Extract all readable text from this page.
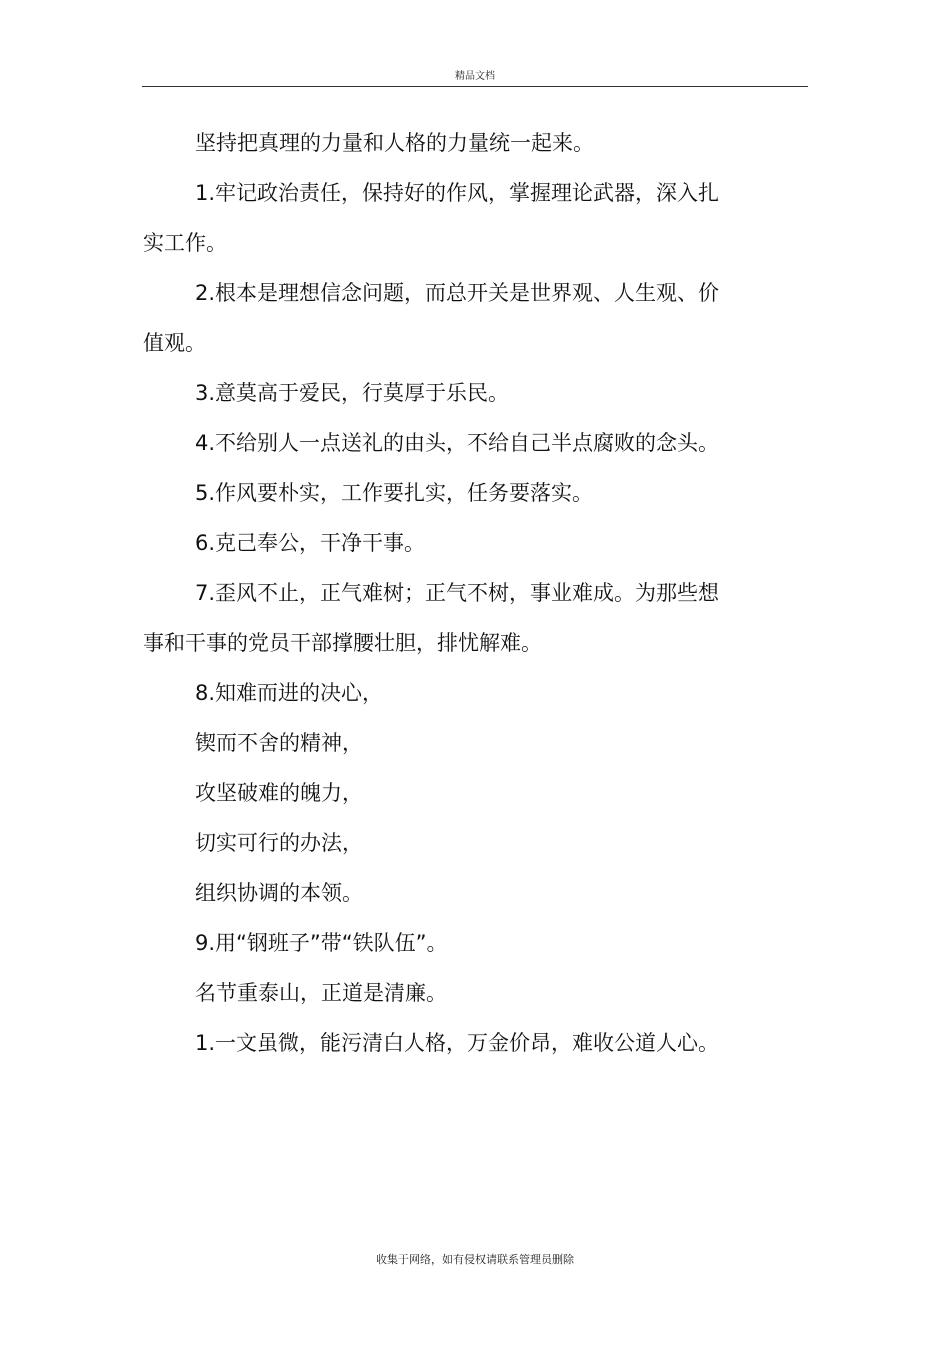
精品文档

坚持把真理的力量和人格的力量统一起来。

1.牢记政治责任，保持好的作风，掌握理论武器，深入扎实工作。

2.根本是理想信念问题，而总开关是世界观、人生观、价值观。

3.意莫高于爱民，行莫厚于乐民。

4.不给别人一点送礼的由头，不给自己半点腐败的念头。

5.作风要朴实，工作要扎实，任务要落实。

6.克己奉公，干净干事。

7.歪风不止，正气难树；正气不树，事业难成。为那些想事和干事的党员干部撑腰壮胆，排忧解难。

8.知难而进的决心，

锲而不舍的精神，

攻坚破难的魄力，

切实可行的办法，

组织协调的本领。

9.用“钢班子”带“铁队伍”。

名节重泰山，正道是清廉。

1.一文虽微，能污清白人格，万金价昂，难收公道人心。

收集于网络，如有侵权请联系管理员删除
